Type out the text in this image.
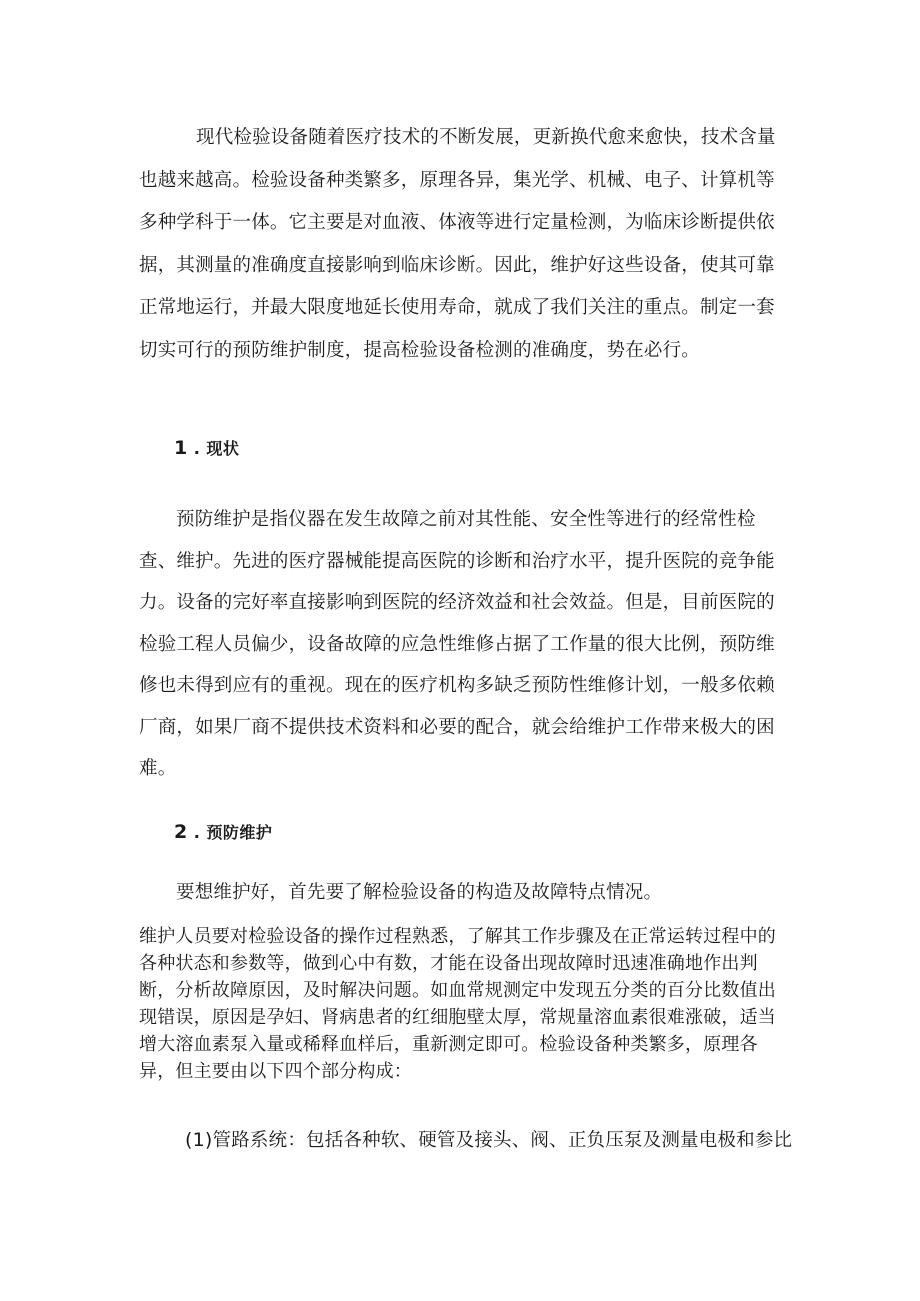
现代检验设备随着医疗技术的不断发展，更新换代愈来愈快，技术含量也越来越高。检验设备种类繁多，原理各异，集光学、机械、电子、计算机等多种学科于一体。它主要是对血液、体液等进行定量检测，为临床诊断提供依据，其测量的准确度直接影响到临床诊断。因此，维护好这些设备，使其可靠正常地运行，并最大限度地延长使用寿命，就成了我们关注的重点。制定一套切实可行的预防维护制度，提高检验设备检测的准确度，势在必行。

1 . 现状

预防维护是指仪器在发生故障之前对其性能、安全性等进行的经常性检查、维护。先进的医疗器械能提高医院的诊断和治疗水平，提升医院的竞争能力。设备的完好率直接影响到医院的经济效益和社会效益。但是，目前医院的检验工程人员偏少，设备故障的应急性维修占据了工作量的很大比例，预防维修也未得到应有的重视。现在的医疗机构多缺乏预防性维修计划，一般多依赖厂商，如果厂商不提供技术资料和必要的配合，就会给维护工作带来极大的困难。

2 . 预防维护

要想维护好，首先要了解检验设备的构造及故障特点情况。

维护人员要对检验设备的操作过程熟悉，了解其工作步骤及在正常运转过程中的各种状态和参数等，做到心中有数，才能在设备出现故障时迅速准确地作出判断，分析故障原因，及时解决问题。如血常规测定中发现五分类的百分比数值出现错误，原因是孕妇、肾病患者的红细胞壁太厚，常规量溶血素很难涨破，适当增大溶血素泵入量或稀释血样后，重新测定即可。检验设备种类繁多，原理各异，但主要由以下四个部分构成：

(1)管路系统：包括各种软、硬管及接头、阀、正负压泵及测量电极和参比
